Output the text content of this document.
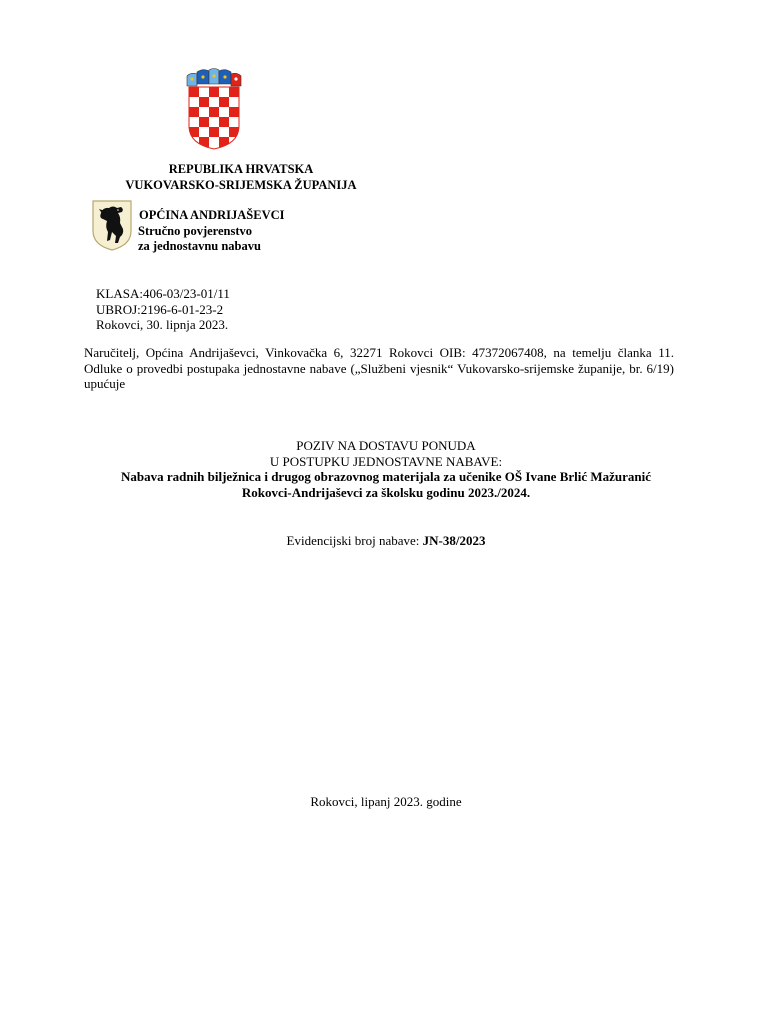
REPUBLIKA HRVATSKA
VUKOVARSKO-SRIJEMSKA ŽUPANIJA
OPĆINA ANDRIJAŠEVCI
Stručno povjerenstvo
za jednostavnu nabavu
KLASA:406-03/23-01/11
UBROJ:2196-6-01-23-2
Rokovci, 30. lipnja 2023.
Naručitelj, Općina Andrijaševci, Vinkovačka 6, 32271 Rokovci OIB: 47372067408, na temelju članka 11. Odluke o provedbi postupaka jednostavne nabave („Službeni vjesnik“ Vukovarsko-srijemske županije, br. 6/19) upućuje
POZIV NA DOSTAVU PONUDA
U POSTUPKU JEDNOSTAVNE NABAVE:
Nabava radnih bilježnica i drugog obrazovnog materijala za učenike OŠ Ivane Brlić Mažuranić
Rokovci-Andrijaševci za školsku godinu 2023./2024.
Evidencijski broj nabave: JN-38/2023
Rokovci, lipanj 2023. godine
